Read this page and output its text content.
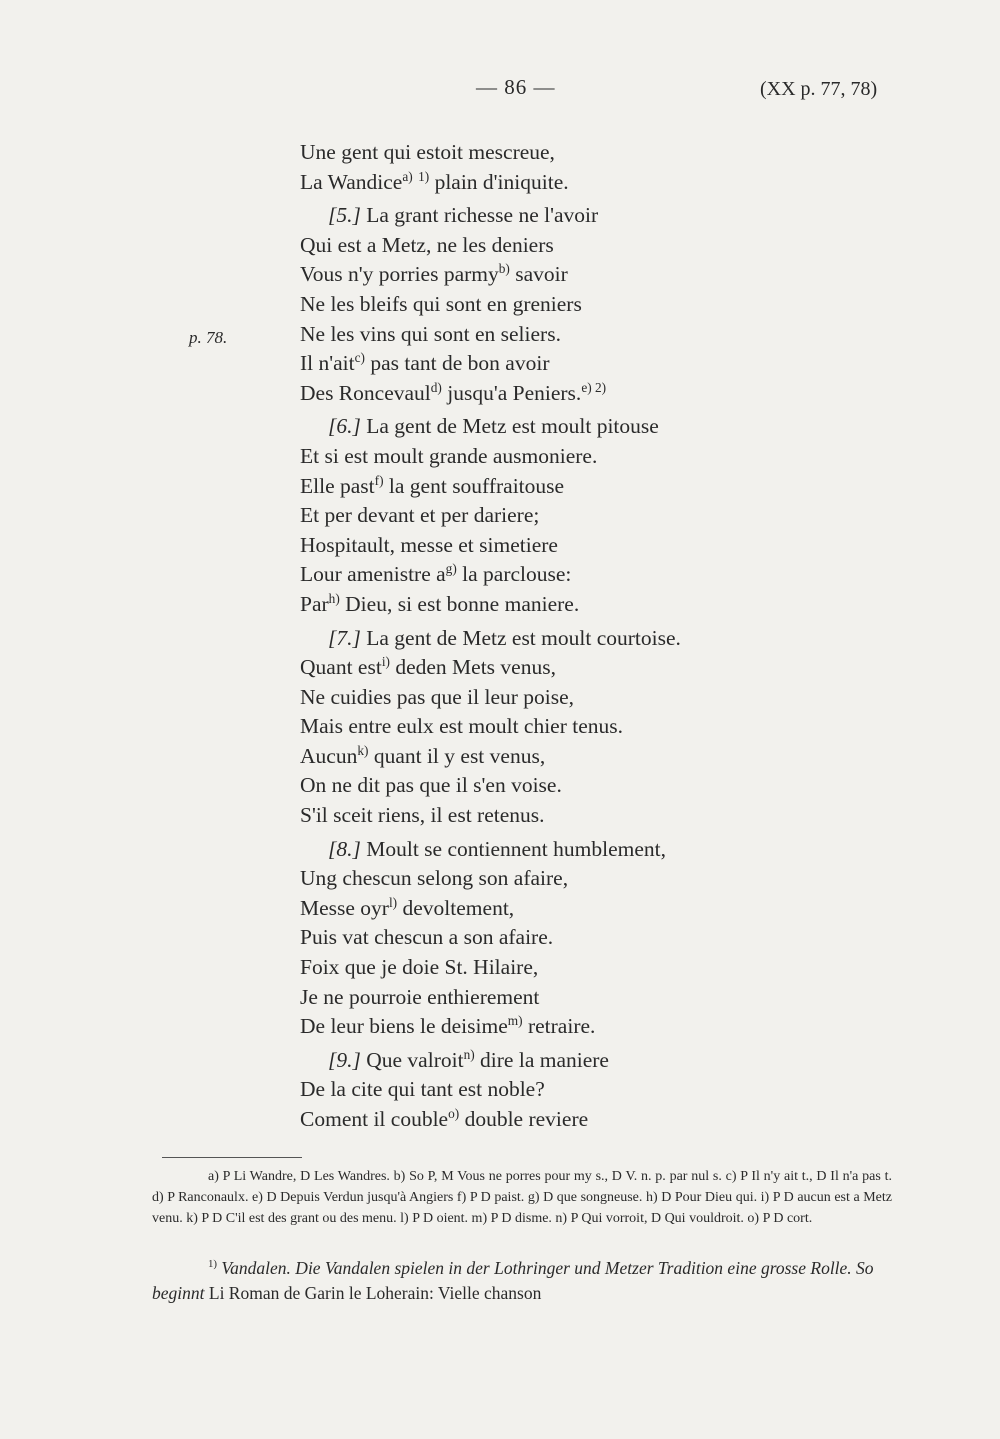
— 86 —	(XX p. 77, 78)
p. 78.
Une gent qui estoit mescreue,
La Wandice$^{a)}$ $^{1)}$ plain d'iniquite.
[5.] La grant richesse ne l'avoir
Qui est a Metz, ne les deniers
Vous n'y porries parmy$^{b)}$ savoir
Ne les bleifs qui sont en greniers
Ne les vins qui sont en seliers.
Il n'ait$^{c)}$ pas tant de bon avoir
Des Roncevaul$^{d)}$ jusqu'a Peniers.$^{e) 2)}$
[6.] La gent de Metz est moult pitouse
Et si est moult grande ausmoniere.
Elle past$^{f)}$ la gent souffraitouse
Et per devant et per dariere;
Hospitault, messe et simetiere
Lour amenistre $a^{g)}$ la parclouse:
Par$^{h)}$ Dieu, si est bonne maniere.
[7.] La gent de Metz est moult courtoise.
Quant est$^{i)}$ deden Mets venus,
Ne cuidies pas que il leur poise,
Mais entre eulx est moult chier tenus.
Aucun$^{k)}$ quant il y est venus,
On ne dit pas que il s'en voise.
S'il sceit riens, il est retenus.
[8.] Moult se contiennent humblement,
Ung chescun selong son afaire,
Messe oyr$^{l)}$ devoltement,
Puis vat chescun a son afaire.
Foix que je doie St. Hilaire,
Je ne pourroie enthierement
De leur biens le deisime$^{m)}$ retraire.
[9.] Que valroit$^{n)}$ dire la maniere
De la cite qui tant est noble?
Coment il couble$^{o)}$ double reviere

a) P Li Wandre, D Les Wandres. b) So P, M Vous ne porres pour my s., D V. n. p. par nul s. c) P Il n'y ait t., D Il n'a pas t. d) P Ranconaulx. e) D Depuis Verdun jusqu'à Angiers f) P D paist. g) D que songneuse. h) D Pour Dieu qui. i) P D aucun est a Metz venu. k) P D C'il est des grant ou des menu. l) P D oient. m) P D disme. n) P Qui vorroit, D Qui vouldroit. o) P D cort.

$^{1)}$ Vandalen. Die Vandalen spielen in der Lothringer und Metzer Tradition eine grosse Rolle. So beginnt Li Roman de Garin le Loherain: Vielle chanson
